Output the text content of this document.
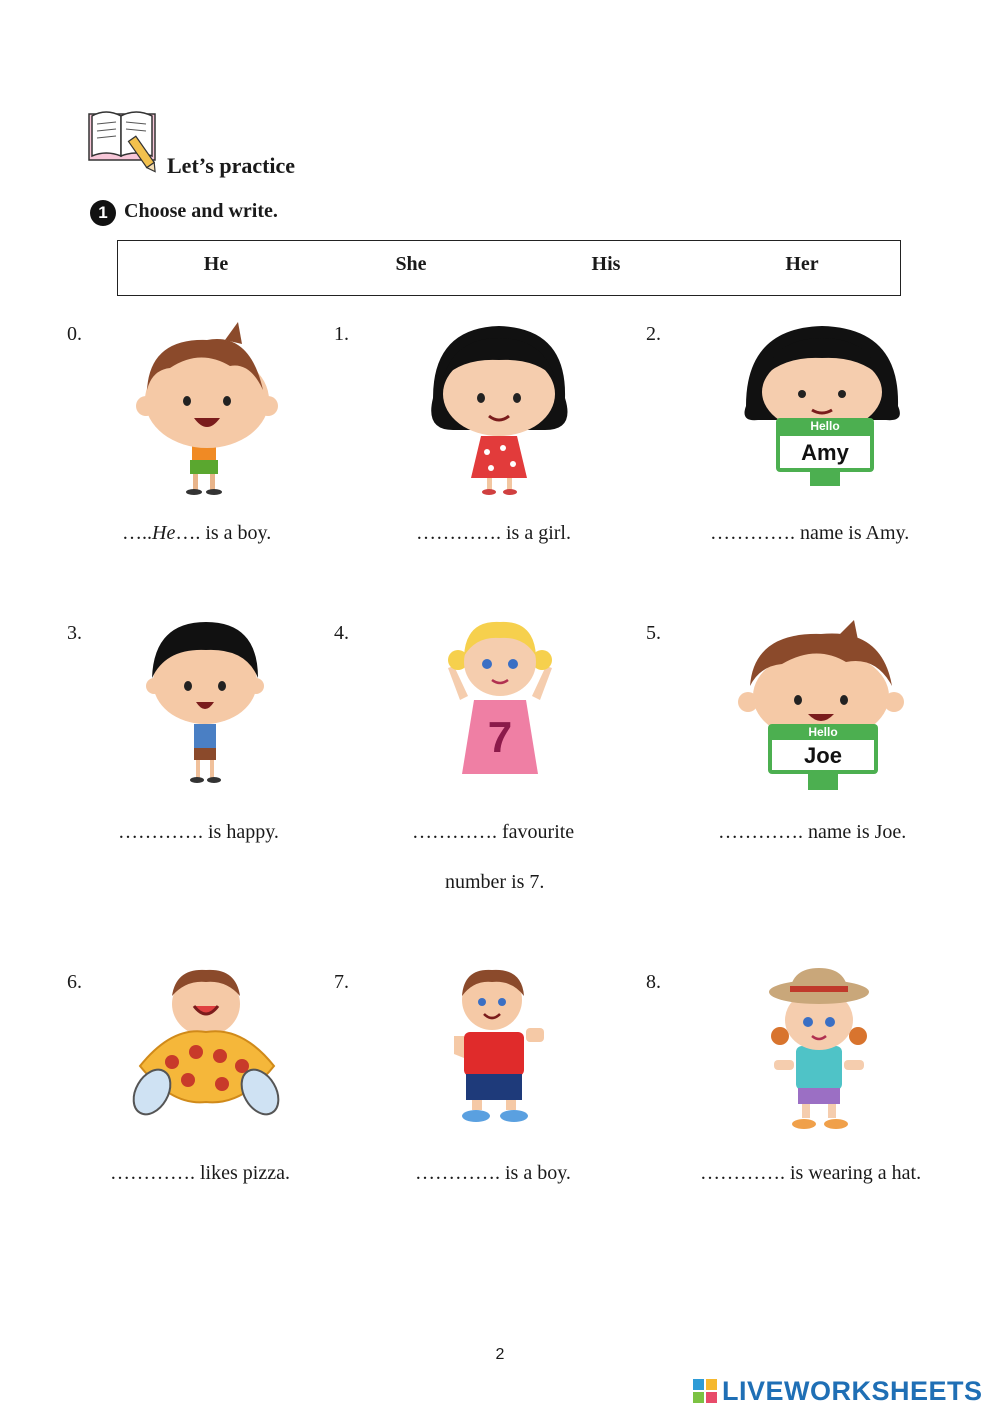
Let’s practice
1 Choose and write.
He	She	His	Her
0.
…..He…. is a boy.
1.
…………. is a girl.
2.
Hello
Amy
…………. name is Amy.
3.
…………. is happy.
4.
7
…………. favourite
number is 7.
5.
Hello
Joe
…………. name is Joe.
6.
…………. likes pizza.
7.
…………. is a boy.
8.
…………. is wearing a hat.
2
LIVEWORKSHEETS
